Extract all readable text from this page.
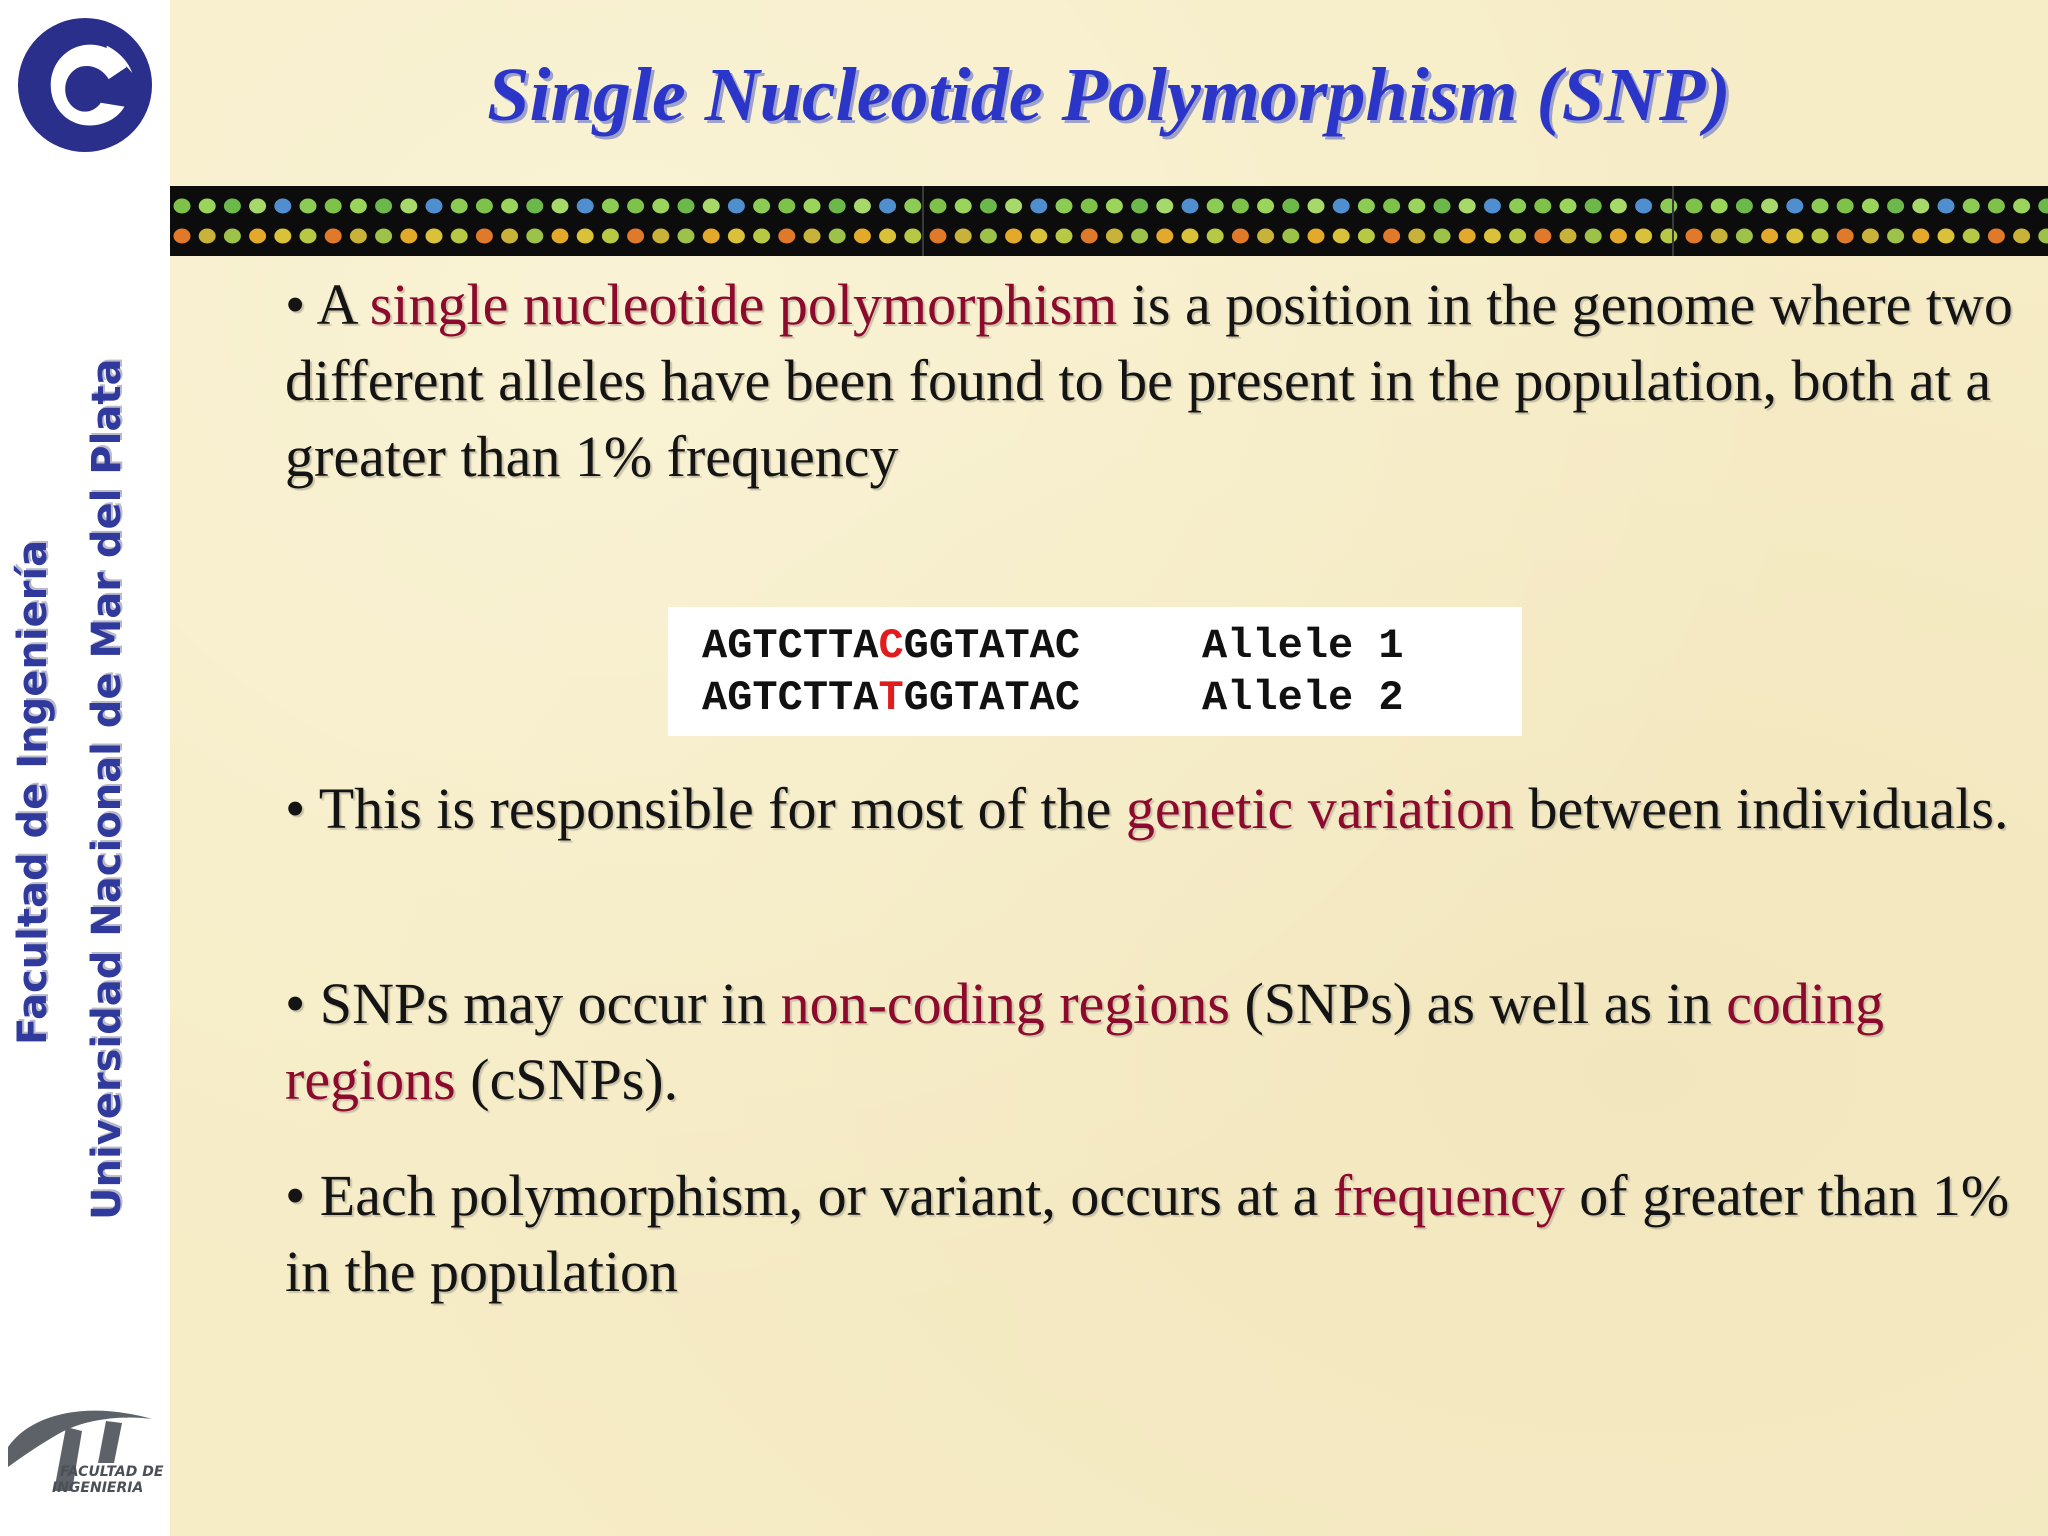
Facultad de Ingeniería Universidad Nacional de Mar del Plata
FACULTAD DE
INGENIERIA
Single Nucleotide Polymorphism (SNP)

• A single nucleotide polymorphism is a position in the genome where two different alleles have been found to be present in the population, both at a greater than 1% frequency

AGTCTTACGGTATAC	Allele 1
AGTCTTATGGTATAC	Allele 2

• This is responsible for most of the genetic variation between individuals.

• SNPs may occur in non-coding regions (SNPs) as well as in coding regions (cSNPs).

• Each polymorphism, or variant, occurs at a frequency of greater than 1% in the population
